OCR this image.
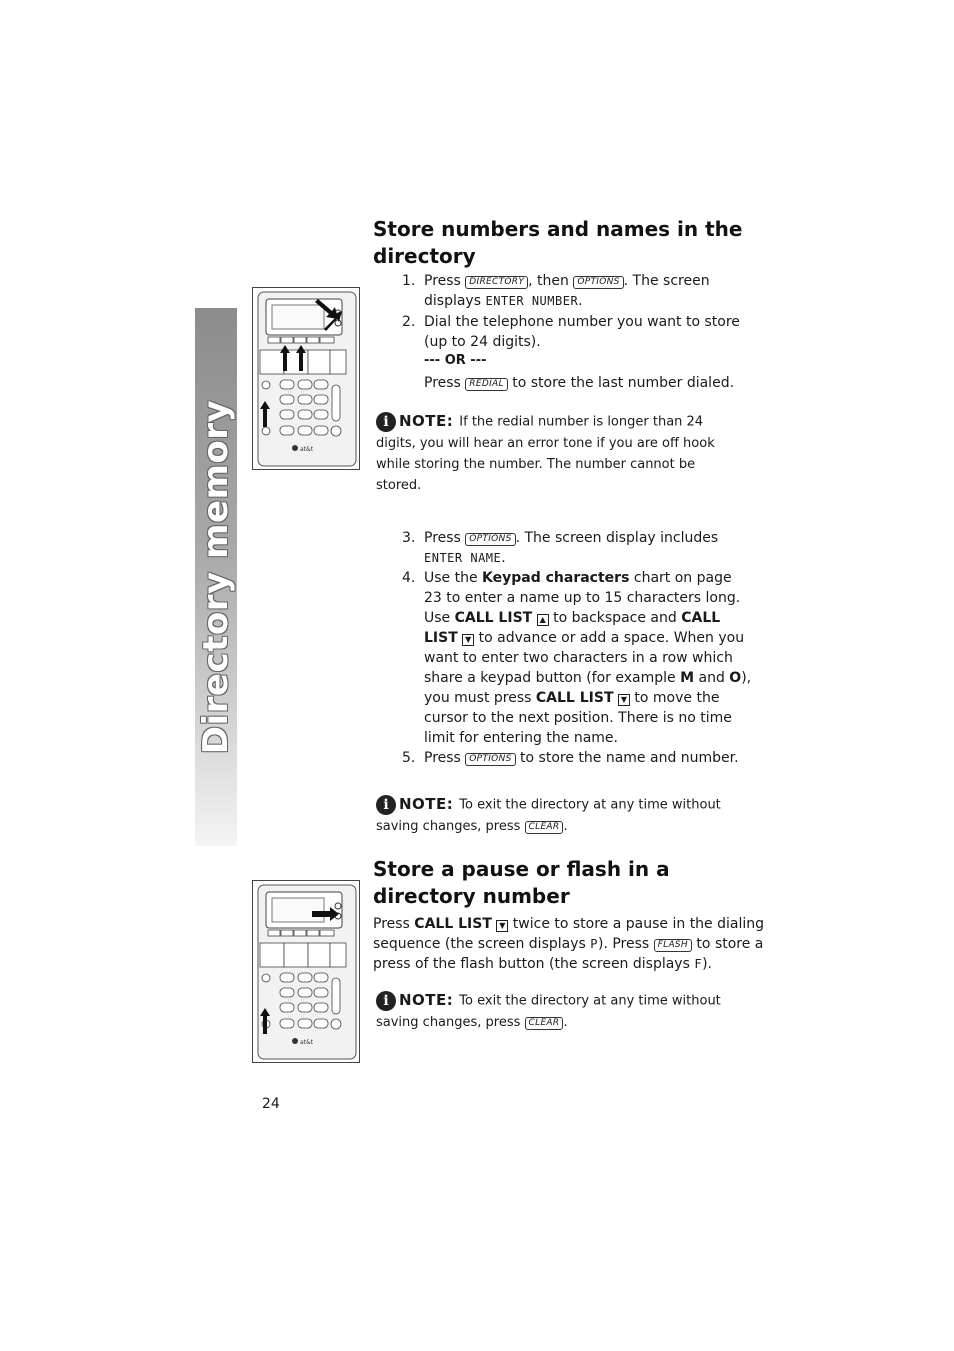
Directory memory	at&t
at&t
Store numbers and names in the directory
1. Press DIRECTORY , then OPTIONS . The screen displays ENTER NUMBER.
2. Dial the telephone number you want to store (up to 24 digits).
--- OR ---
Press REDIAL to store the last number dialed.
i NOTE: If the redial number is longer than 24 digits, you will hear an error tone if you are off hook while storing the number. The number cannot be stored.
3. Press OPTIONS . The screen display includes ENTER NAME.
4. Use the Keypad characters chart on page 23 to enter a name up to 15 characters long. Use CALL LIST ▲ to backspace and CALL LIST ▼ to advance or add a space. When you want to enter two characters in a row which share a keypad button (for example M and O), you must press CALL LIST ▼ to move the cursor to the next position. There is no time limit for entering the name.
5. Press OPTIONS to store the name and number.
i NOTE: To exit the directory at any time without saving changes, press CLEAR .
Store a pause or flash in a directory number
Press CALL LIST ▼ twice to store a pause in the dialing sequence (the screen displays P). Press FLASH to store a press of the flash button (the screen displays F).
i NOTE: To exit the directory at any time without saving changes, press CLEAR .
24
